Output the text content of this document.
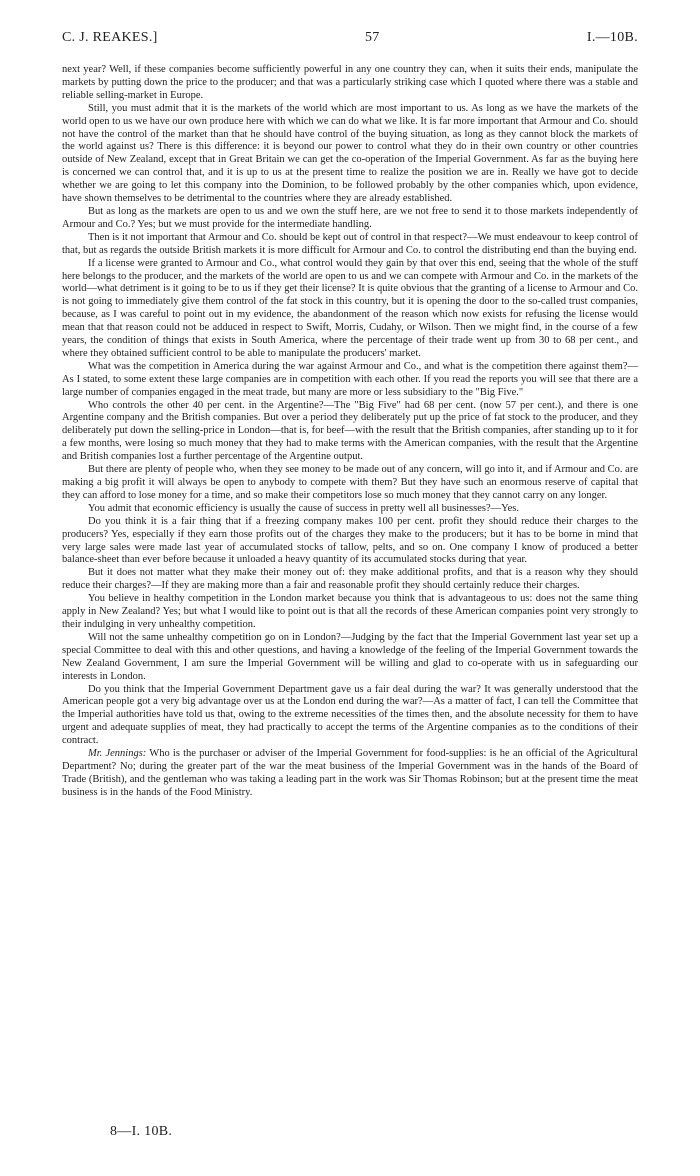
C. J. REAKES.]	57	I.—10B.

next year? Well, if these companies become sufficiently powerful in any one country they can, when it suits their ends, manipulate the markets by putting down the price to the producer; and that was a particularly striking case which I quoted where there was a stable and reliable selling-market in Europe.

Still, you must admit that it is the markets of the world which are most important to us. As long as we have the markets of the world open to us we have our own produce here with which we can do what we like. It is far more important that Armour and Co. should not have the control of the market than that he should have control of the buying situation, as long as they cannot block the markets of the world against us? There is this difference: it is beyond our power to control what they do in their own country or other countries outside of New Zealand, except that in Great Britain we can get the co-operation of the Imperial Government. As far as the buying here is concerned we can control that, and it is up to us at the present time to realize the position we are in. Really we have got to decide whether we are going to let this company into the Dominion, to be followed probably by the other companies which, upon evidence, have shown themselves to be detrimental to the countries where they are already established.

But as long as the markets are open to us and we own the stuff here, are we not free to send it to those markets independently of Armour and Co.? Yes; but we must provide for the intermediate handling.

Then is it not important that Armour and Co. should be kept out of control in that respect?—We must endeavour to keep control of that, but as regards the outside British markets it is more difficult for Armour and Co. to control the distributing end than the buying end.

If a license were granted to Armour and Co., what control would they gain by that over this end, seeing that the whole of the stuff here belongs to the producer, and the markets of the world are open to us and we can compete with Armour and Co. in the markets of the world—what detriment is it going to be to us if they get their license? It is quite obvious that the granting of a license to Armour and Co. is not going to immediately give them control of the fat stock in this country, but it is opening the door to the so-called trust companies, because, as I was careful to point out in my evidence, the abandonment of the reason which now exists for refusing the license would mean that that reason could not be adduced in respect to Swift, Morris, Cudahy, or Wilson. Then we might find, in the course of a few years, the condition of things that exists in South America, where the percentage of their trade went up from 30 to 68 per cent., and where they obtained sufficient control to be able to manipulate the producers' market.

What was the competition in America during the war against Armour and Co., and what is the competition there against them?—As I stated, to some extent these large companies are in competition with each other. If you read the reports you will see that there are a large number of companies engaged in the meat trade, but many are more or less subsidiary to the "Big Five."

Who controls the other 40 per cent. in the Argentine?—The "Big Five" had 68 per cent. (now 57 per cent.), and there is one Argentine company and the British companies. But over a period they deliberately put up the price of fat stock to the producer, and they deliberately put down the selling-price in London—that is, for beef—with the result that the British companies, after standing up to it for a few months, were losing so much money that they had to make terms with the American companies, with the result that the Argentine and British companies lost a further percentage of the Argentine output.

But there are plenty of people who, when they see money to be made out of any concern, will go into it, and if Armour and Co. are making a big profit it will always be open to anybody to compete with them? But they have such an enormous reserve of capital that they can afford to lose money for a time, and so make their competitors lose so much money that they cannot carry on any longer.

You admit that economic efficiency is usually the cause of success in pretty well all businesses?—Yes.

Do you think it is a fair thing that if a freezing company makes 100 per cent. profit they should reduce their charges to the producers? Yes, especially if they earn those profits out of the charges they make to the producers; but it has to be borne in mind that very large sales were made last year of accumulated stocks of tallow, pelts, and so on. One company I know of produced a better balance-sheet than ever before because it unloaded a heavy quantity of its accumulated stocks during that year.

But it does not matter what they make their money out of: they make additional profits, and that is a reason why they should reduce their charges?—If they are making more than a fair and reasonable profit they should certainly reduce their charges.

You believe in healthy competition in the London market because you think that is advantageous to us: does not the same thing apply in New Zealand? Yes; but what I would like to point out is that all the records of these American companies point very strongly to their indulging in very unhealthy competition.

Will not the same unhealthy competition go on in London?—Judging by the fact that the Imperial Government last year set up a special Committee to deal with this and other questions, and having a knowledge of the feeling of the Imperial Government towards the New Zealand Government, I am sure the Imperial Government will be willing and glad to co-operate with us in safeguarding our interests in London.

Do you think that the Imperial Government Department gave us a fair deal during the war? It was generally understood that the American people got a very big advantage over us at the London end during the war?—As a matter of fact, I can tell the Committee that the Imperial authorities have told us that, owing to the extreme necessities of the times then, and the absolute necessity for them to have urgent and adequate supplies of meat, they had practically to accept the terms of the Argentine companies as to the conditions of their contract.

Mr. Jennings: Who is the purchaser or adviser of the Imperial Government for food-supplies: is he an official of the Agricultural Department? No; during the greater part of the war the meat business of the Imperial Government was in the hands of the Board of Trade (British), and the gentleman who was taking a leading part in the work was Sir Thomas Robinson; but at the present time the meat business is in the hands of the Food Ministry.

8—I. 10B.
